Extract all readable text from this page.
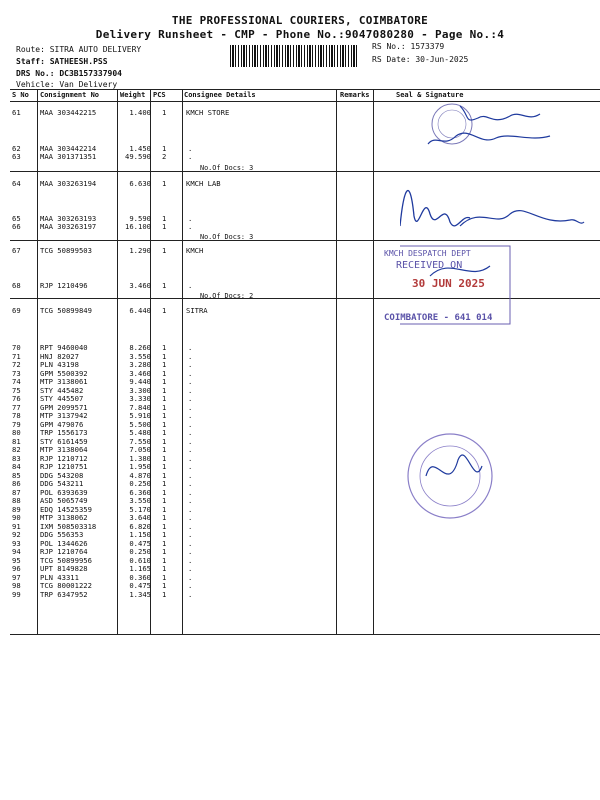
THE PROFESSIONAL COURIERS, COIMBATORE
Delivery Runsheet - CMP - Phone No.:9047080280 - Page No.:4
Route: SITRA AUTO DELIVERY
Staff: SATHEESH.PSS
DRS No.: DC3B157337904
Vehicle: Van Delivery
RS No.: 1573379
RS Date: 30-Jun-2025
S No Consignment No	Weight PCS	Consignee Details	Remarks	Seal & Signature
61	MAA 303442215	1.400 1	KMCH STORE
62	MAA 303442214	1.450 1	.
63	MAA 301371351	49.590 2	.
64	MAA 303263194	6.630 1	KMCH LAB
65	MAA 303263193	9.590 1	.
66	MAA 303263197	16.100 1	.
67	TCG 50899503	1.290 1	KMCH
68	RJP 1210496	3.460 1	.
69	TCG 50899849	6.440 1	SITRA
70	RPT 9460040	8.260 1	.
71	HNJ 82027	3.550 1	.
72	PLN 43198	3.280 1	.
73	GPM 5500392	3.460 1	.
74	MTP 3138061	9.440 1	.
75	STY 445482	3.300 1	.
76	STY 445507	3.330 1	.
77	GPM 2099571	7.840 1	.
78	MTP 3137942	5.910 1	.
79	GPM 479076	5.500 1	.
80	TRP 1556173	5.480 1	.
81	STY 6161459	7.550 1	.
82	MTP 3138064	7.050 1	.
83	RJP 1210712	1.380 1	.
84	RJP 1210751	1.950 1	.
85	DDG 543208	4.870 1	.
86	DDG 543211	0.250 1	.
87	POL 6393639	6.360 1	.
88	ASD 5065749	3.550 1	.
89	EDQ 14525359	5.170 1	.
90	MTP 3138062	3.640 1	.
91	IXM 508503318	6.820 1	.
92	DDG 556353	1.150 1	.
93	POL 1344626	0.475 1	.
94	RJP 1210764	0.250 1	.
95	TCG 50899956	0.610 1	.
96	UPT 8149828	1.165 1	.
97	PLN 43311	0.360 1	.
98	TCG 80001222	0.475 1	.
99	TRP 6347952	1.345 1	.
No.Of Docs: 3
No.Of Docs: 3
No.Of Docs: 2
KMCH DESPATCH DEPT
RECEIVED ON
30 JUN 2025
COIMBATORE - 641 014
